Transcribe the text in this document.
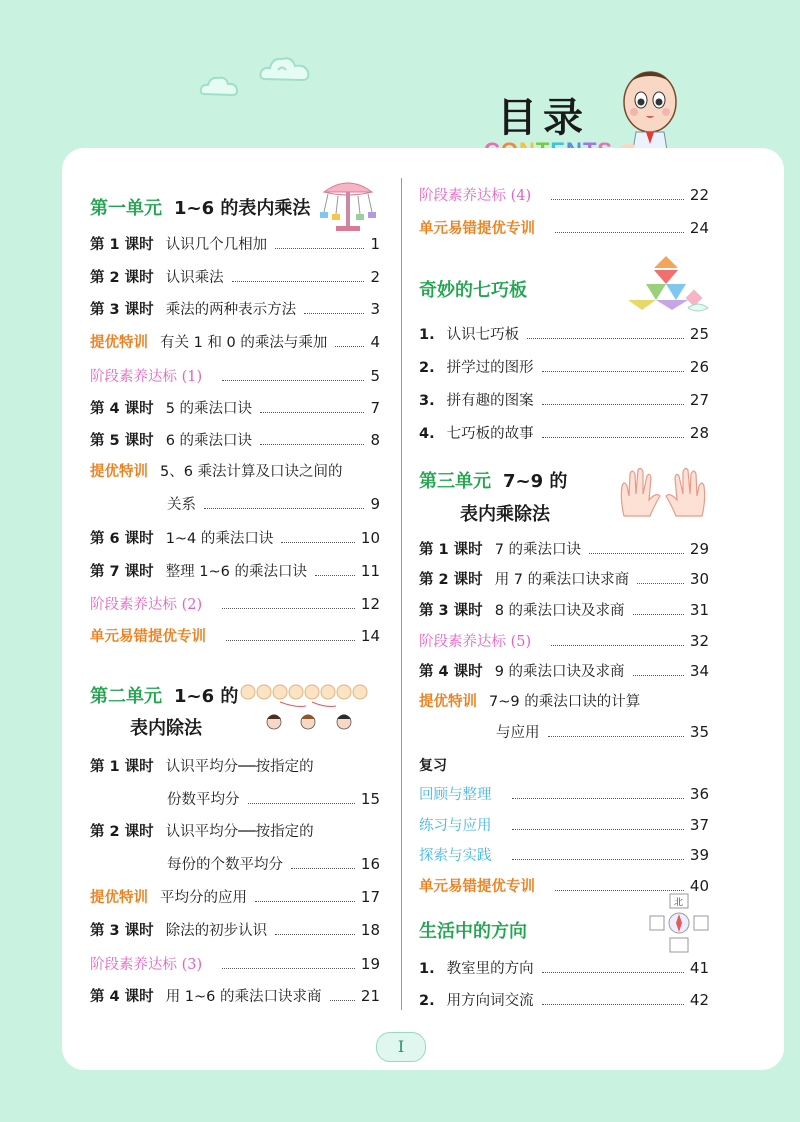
目录
第一单元 1~6 的表内乘法
第 1 课时 认识几个几相加	1
第 2 课时 认识乘法	2
第 3 课时 乘法的两种表示方法	3
提优特训 有关 1 和 0 的乘法与乘加	4
阶段素养达标 (1)	5
第 4 课时 5 的乘法口诀	7
第 5 课时 6 的乘法口诀	8
提优特训 5、6 乘法计算及口诀之间的
关系	9
第 6 课时 1~4 的乘法口诀	10
第 7 课时 整理 1~6 的乘法口诀	11
阶段素养达标 (2)	12
单元易错提优专训	14
第二单元 1~6 的
表内除法
第 1 课时 认识平均分──按指定的
份数平均分	15
第 2 课时 认识平均分──按指定的
每份的个数平均分	16
提优特训 平均分的应用	17
第 3 课时 除法的初步认识	18
阶段素养达标 (3)	19
第 4 课时 用 1~6 的乘法口诀求商	21
阶段素养达标 (4)	22
单元易错提优专训	24
奇妙的七巧板
1. 认识七巧板	25
2. 拼学过的图形	26
3. 拼有趣的图案	27
4. 七巧板的故事	28
第三单元 7~9 的
表内乘除法
第 1 课时 7 的乘法口诀	29
第 2 课时 用 7 的乘法口诀求商	30
第 3 课时 8 的乘法口诀及求商	31
阶段素养达标 (5)	32
第 4 课时 9 的乘法口诀及求商	34
提优特训 7~9 的乘法口诀的计算
与应用	35
复习
回顾与整理	36
练习与应用	37
探索与实践	39
单元易错提优专训	40
生活中的方向
北
1. 教室里的方向	41
2. 用方向词交流	42
I
